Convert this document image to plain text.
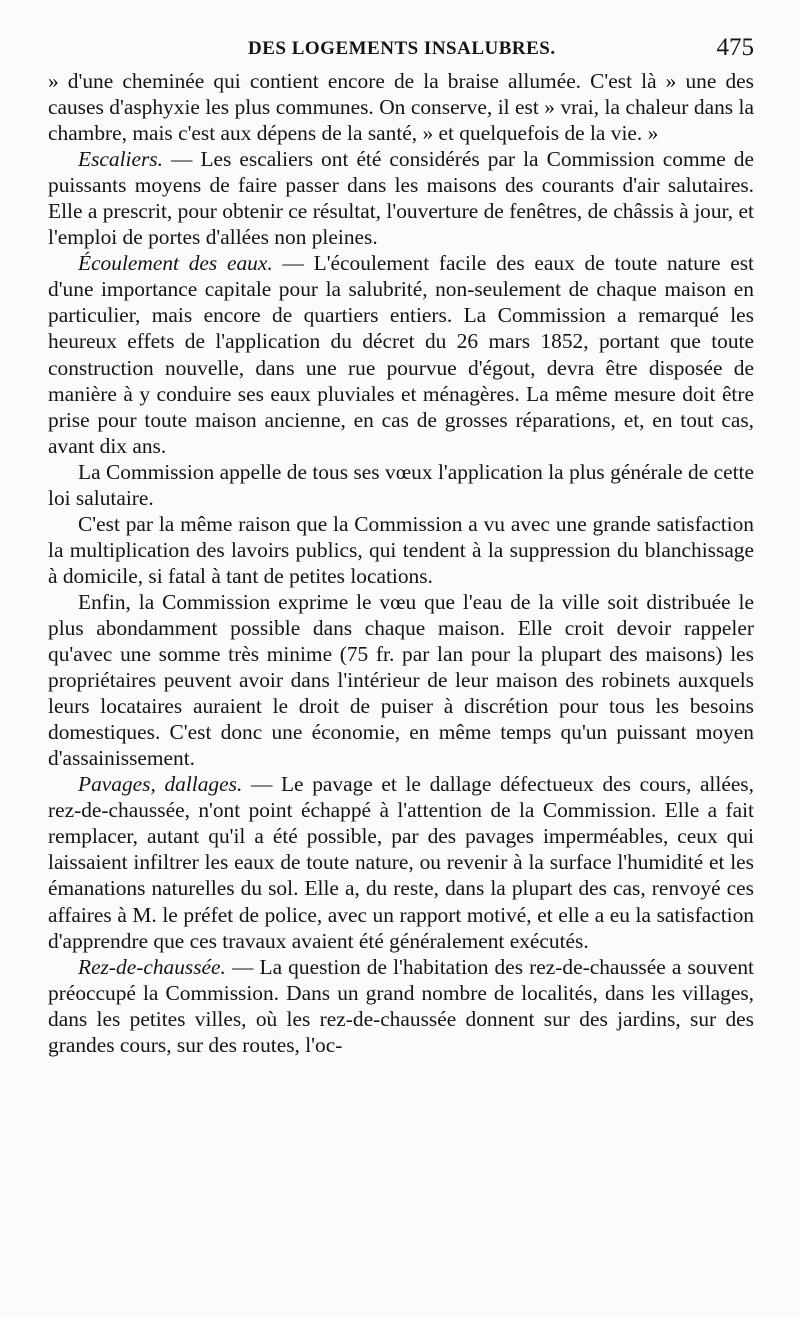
DES LOGEMENTS INSALUBRES.	475

» d'une cheminée qui contient encore de la braise allumée. C'est là » une des causes d'asphyxie les plus communes. On conserve, il est » vrai, la chaleur dans la chambre, mais c'est aux dépens de la santé, » et quelquefois de la vie. »

Escaliers. — Les escaliers ont été considérés par la Commission comme de puissants moyens de faire passer dans les maisons des courants d'air salutaires. Elle a prescrit, pour obtenir ce résultat, l'ouverture de fenêtres, de châssis à jour, et l'emploi de portes d'allées non pleines.

Écoulement des eaux. — L'écoulement facile des eaux de toute nature est d'une importance capitale pour la salubrité, non-seulement de chaque maison en particulier, mais encore de quartiers entiers. La Commission a remarqué les heureux effets de l'application du décret du 26 mars 1852, portant que toute construction nouvelle, dans une rue pourvue d'égout, devra être disposée de manière à y conduire ses eaux pluviales et ménagères. La même mesure doit être prise pour toute maison ancienne, en cas de grosses réparations, et, en tout cas, avant dix ans.

La Commission appelle de tous ses vœux l'application la plus générale de cette loi salutaire.

C'est par la même raison que la Commission a vu avec une grande satisfaction la multiplication des lavoirs publics, qui tendent à la suppression du blanchissage à domicile, si fatal à tant de petites locations.

Enfin, la Commission exprime le vœu que l'eau de la ville soit distribuée le plus abondamment possible dans chaque maison. Elle croit devoir rappeler qu'avec une somme très minime (75 fr. par lan pour la plupart des maisons) les propriétaires peuvent avoir dans l'intérieur de leur maison des robinets auxquels leurs locataires auraient le droit de puiser à discrétion pour tous les besoins domestiques. C'est donc une économie, en même temps qu'un puissant moyen d'assainissement.

Pavages, dallages. — Le pavage et le dallage défectueux des cours, allées, rez-de-chaussée, n'ont point échappé à l'attention de la Commission. Elle a fait remplacer, autant qu'il a été possible, par des pavages imperméables, ceux qui laissaient infiltrer les eaux de toute nature, ou revenir à la surface l'humidité et les émanations naturelles du sol. Elle a, du reste, dans la plupart des cas, renvoyé ces affaires à M. le préfet de police, avec un rapport motivé, et elle a eu la satisfaction d'apprendre que ces travaux avaient été généralement exécutés.

Rez-de-chaussée. — La question de l'habitation des rez-de-chaussée a souvent préoccupé la Commission. Dans un grand nombre de localités, dans les villages, dans les petites villes, où les rez-de-chaussée donnent sur des jardins, sur des grandes cours, sur des routes, l'oc-
